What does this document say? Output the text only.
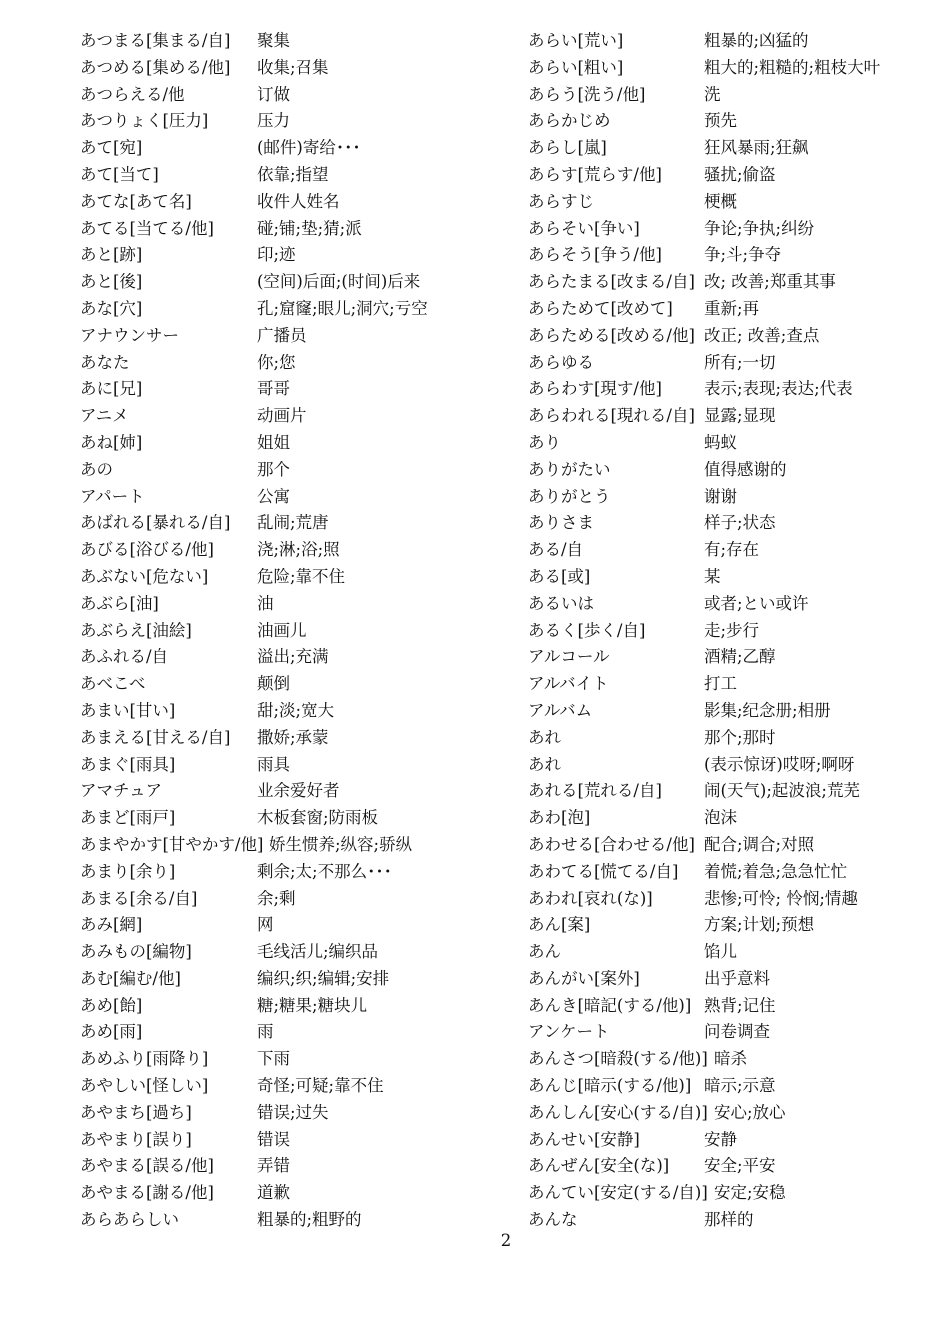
あつまる[集まる/自] 聚集
あつめる[集める/他] 收集;召集
あつらえる/他	订做
あつりょく[圧力]	压力
あて[宛]	(邮件)寄给･･･
あて[当て]	依靠;指望
あてな[あて名]	收件人姓名
あてる[当てる/他]	碰;铺;垫;猜;派
あと[跡]	印;迹
あと[後]	(空间)后面;(时间)后来
あな[穴]	孔;窟窿;眼儿;洞穴;亏空
アナウンサー	广播员
あなた	你;您
あに[兄]	哥哥
アニメ	动画片
あね[姉]	姐姐
あの	那个
アパート	公寓
あばれる[暴れる/自] 乱闹;荒唐
あびる[浴びる/他]	浇;淋;浴;照
あぶない[危ない]	危险;靠不住
あぶら[油]	油
あぶらえ[油絵]	油画儿
あふれる/自	溢出;充满
あべこべ	颠倒
あまい[甘い]	甜;淡;宽大
あまえる[甘える/自] 撒娇;承蒙
あまぐ[雨具]	雨具
アマチュア	业余爱好者
あまど[雨戸]	木板套窗;防雨板
あまやかす[甘やかす/他] 娇生惯养;纵容;骄纵
あまり[余り]	剩余;太;不那么･･･
あまる[余る/自]	余;剩
あみ[網]	网
あみもの[編物]	毛线活儿;编织品
あむ[編む/他]	编织;织;编辑;安排
あめ[飴]	糖;糖果;糖块儿
あめ[雨]	雨
あめふり[雨降り]	下雨
あやしい[怪しい]	奇怪;可疑;靠不住
あやまち[過ち]	错误;过失
あやまり[誤り]	错误
あやまる[誤る/他]	弄错
あやまる[謝る/他]	道歉
あらあらしい	粗暴的;粗野的
あらい[荒い]	粗暴的;凶猛的
あらい[粗い]	粗大的;粗糙的;粗枝大叶
あらう[洗う/他]	洗
あらかじめ	预先
あらし[嵐]	狂风暴雨;狂飙
あらす[荒らす/他]	骚扰;偷盗
あらすじ	梗概
あらそい[争い]	争论;争执;纠纷
あらそう[争う/他]	争;斗;争夺
あらたまる[改まる/自] 改; 改善;郑重其事
あらためて[改めて] 重新;再
あらためる[改める/他] 改正; 改善;查点
あらゆる	所有;一切
あらわす[現す/他]	表示;表现;表达;代表
あらわれる[現れる/自] 显露;显现
あり	蚂蚁
ありがたい	值得感谢的
ありがとう	谢谢
ありさま	样子;状态
ある/自	有;存在
ある[或]	某
あるいは	或者;とい或许
あるく[歩く/自]	走;步行
アルコール	酒精;乙醇
アルバイト	打工
アルバム	影集;纪念册;相册
あれ	那个;那时
あれ	(表示惊讶)哎呀;啊呀
あれる[荒れる/自]	闹(天气);起波浪;荒芜
あわ[泡]	泡沫
あわせる[合わせる/他] 配合;调合;对照
あわてる[慌てる/自] 着慌;着急;急急忙忙
あわれ[哀れ(な)]	悲惨;可怜; 怜悯;情趣
あん[案]	方案;计划;预想
あん	馅儿
あんがい[案外]	出乎意料
あんき[暗記(する/他)] 熟背;记住
アンケート	问卷调查
あんさつ[暗殺(する/他)] 暗杀
あんじ[暗示(する/他)] 暗示;示意
あんしん[安心(する/自)] 安心;放心
あんせい[安静]	安静
あんぜん[安全(な)] 安全;平安
あんてい[安定(する/自)] 安定;安稳
あんな	那样的
2
